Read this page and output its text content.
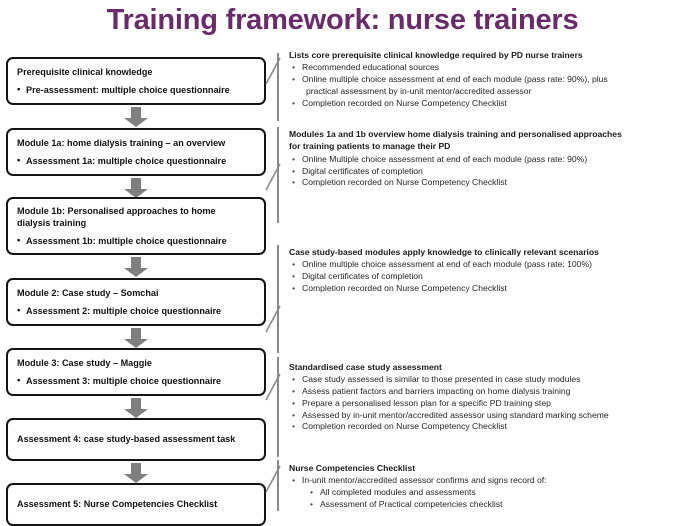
Training framework: nurse trainers

Prerequisite clinical knowledge

• Pre-assessment: multiple choice questionnaire

Module 1a: home dialysis training – an overview

• Assessment 1a: multiple choice questionnaire

Module 1b: Personalised approaches to home

dialysis training

• Assessment 1b: multiple choice questionnaire

Module 2: Case study – Somchai

• Assessment 2: multiple choice questionnaire

Module 3: Case study – Maggie

• Assessment 3: multiple choice questionnaire

Assessment 4: case study-based assessment task

Assessment 5: Nurse Competencies Checklist

Lists core prerequisite clinical knowledge required by PD nurse trainers

• Recommended educational sources
• Online multiple choice assessment at end of each module (pass rate: 90%), plus
practical assessment by in-unit mentor/accredited assessor
• Completion recorded on Nurse Competency Checklist

Modules 1a and 1b overview home dialysis training and personalised approaches

for training patients to manage their PD

• Online Multiple choice assessment at end of each module (pass rate: 90%)
• Digital certificates of completion
• Completion recorded on Nurse Competency Checklist

Case study-based modules apply knowledge to clinically relevant scenarios

• Online multiple choice assessment at end of each module (pass rate: 100%)
• Digital certificates of completion
• Completion recorded on Nurse Competency Checklist

Standardised case study assessment

• Case study assessed is similar to those presented in case study modules
• Assess patient factors and barriers impacting on home dialysis training
• Prepare a personalised lesson plan for a specific PD training step
• Assessed by in-unit mentor/accredited assessor using standard marking scheme
• Completion recorded on Nurse Competency Checklist

Nurse Competencies Checklist

• In-unit mentor/accredited assessor confirms and signs record of:
• All completed modules and assessments
• Assessment of Practical competencies checklist
